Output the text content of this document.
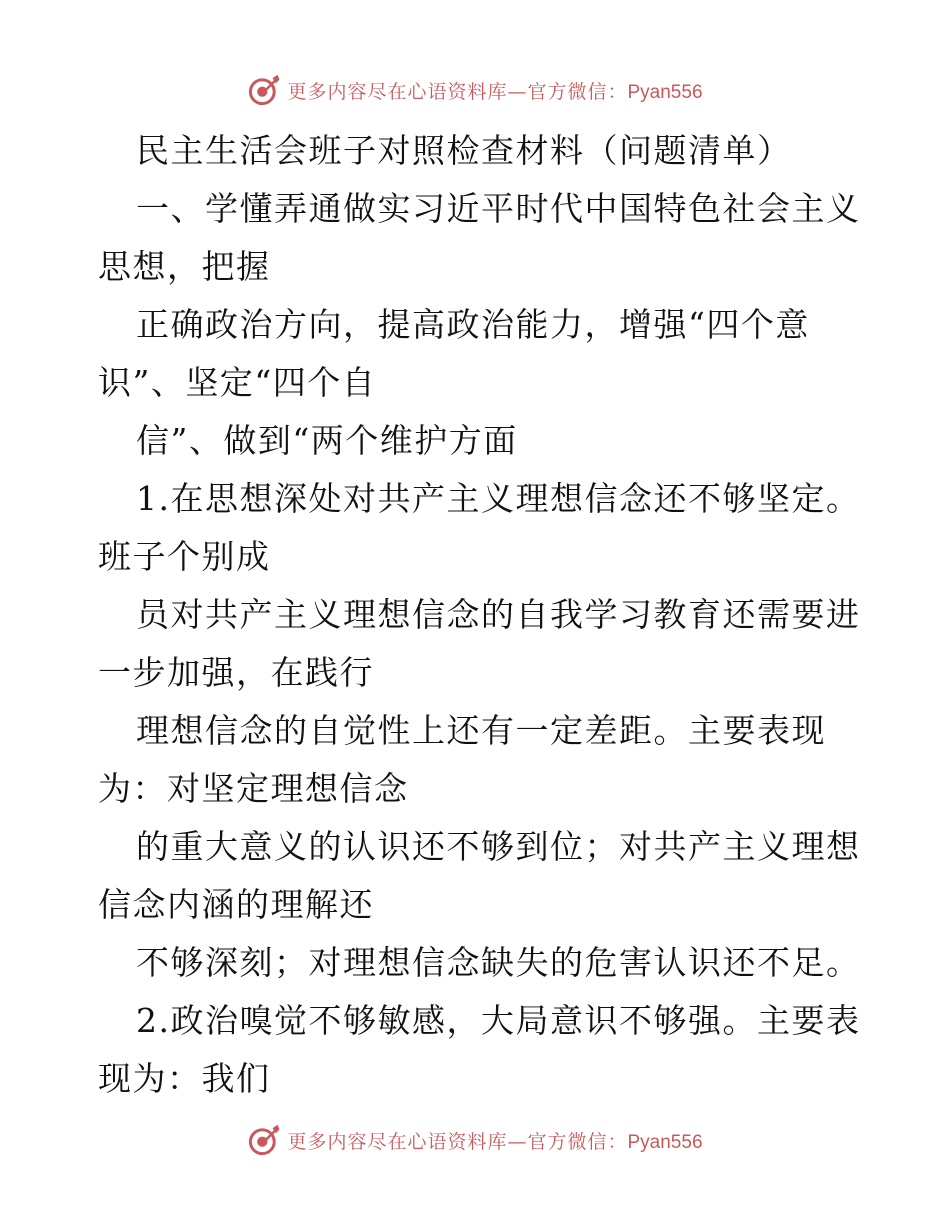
更多内容尽在心语资料库—官方微信：Pyan556
民主生活会班子对照检查材料（问题清单）
一、学懂弄通做实习近平时代中国特色社会主义
思想，把握
正确政治方向，提高政治能力，增强“四个意
识”、坚定“四个自
信”、做到“两个维护方面
1.在思想深处对共产主义理想信念还不够坚定。
班子个别成
员对共产主义理想信念的自我学习教育还需要进
一步加强，在践行
理想信念的自觉性上还有一定差距。主要表现
为：对坚定理想信念
的重大意义的认识还不够到位；对共产主义理想
信念内涵的理解还
不够深刻；对理想信念缺失的危害认识还不足。
2.政治嗅觉不够敏感，大局意识不够强。主要表
现为：我们
更多内容尽在心语资料库—官方微信：Pyan556
